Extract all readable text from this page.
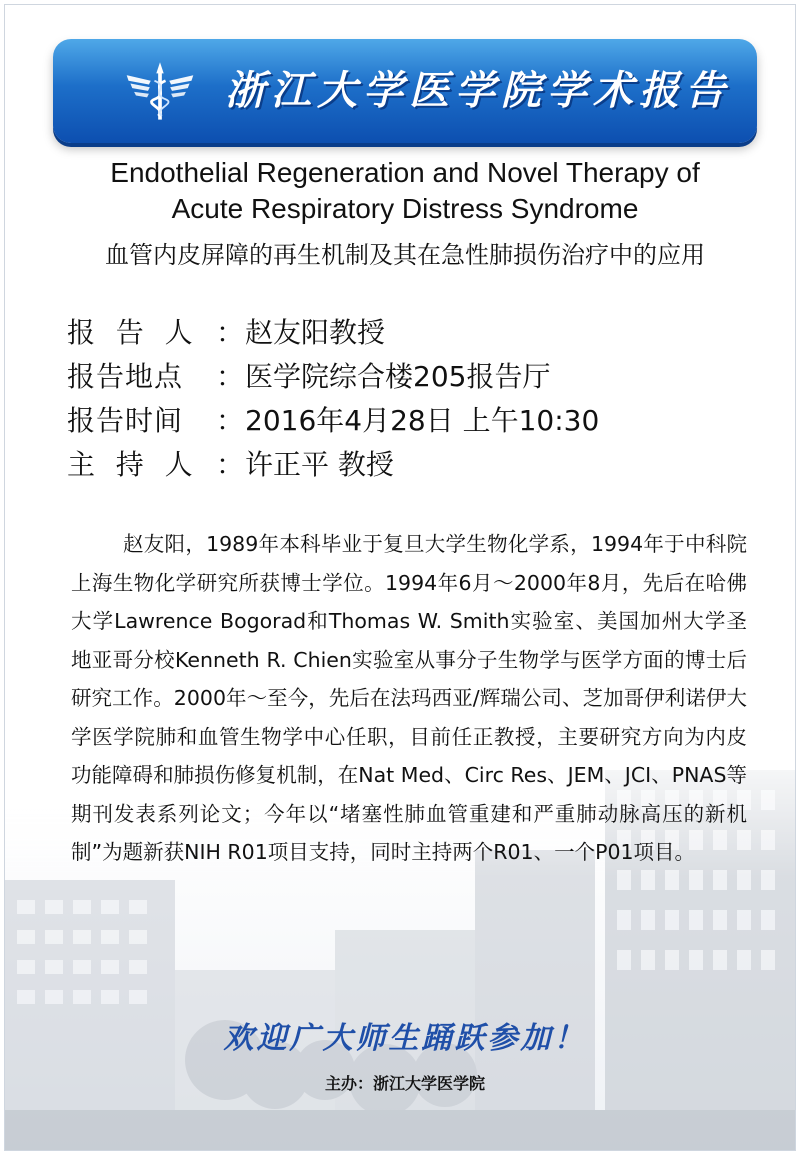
浙江大学医学院学术报告
Endothelial Regeneration and Novel Therapy of
Acute Respiratory Distress Syndrome
血管内皮屏障的再生机制及其在急性肺损伤治疗中的应用
报  告  人 ： 赵友阳教授
报告地点	： 医学院综合楼205报告厅
报告时间	： 2016年4月28日 上午10:30
主  持  人 ： 许正平 教授
赵友阳，1989年本科毕业于复旦大学生物化学系，1994年于中科院上海生物化学研究所获博士学位。1994年6月～2000年8月，先后在哈佛大学Lawrence Bogorad和Thomas W. Smith实验室、美国加州大学圣地亚哥分校Kenneth R. Chien实验室从事分子生物学与医学方面的博士后研究工作。2000年～至今，先后在法玛西亚/辉瑞公司、芝加哥伊利诺伊大学医学院肺和血管生物学中心任职，目前任正教授，主要研究方向为内皮功能障碍和肺损伤修复机制，在Nat Med、Circ Res、JEM、JCI、PNAS等期刊发表系列论文；今年以“堵塞性肺血管重建和严重肺动脉高压的新机制”为题新获NIH R01项目支持，同时主持两个R01、一个P01项目。
欢迎广大师生踊跃参加！
主办：浙江大学医学院
